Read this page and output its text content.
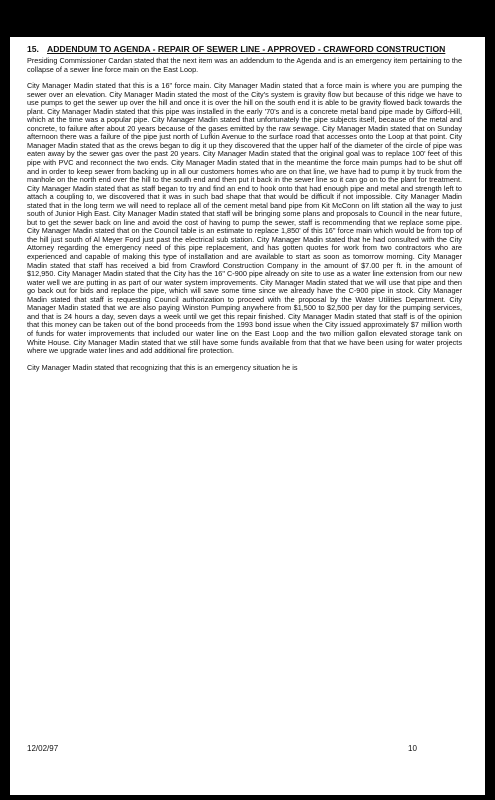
15. ADDENDUM TO AGENDA - REPAIR OF SEWER LINE - APPROVED - CRAWFORD CONSTRUCTION

Presiding Commissioner Cardan stated that the next item was an addendum to the Agenda and is an emergency item pertaining to the collapse of a sewer line force main on the East Loop.

City Manager Madin stated that this is a 16" force main. City Manager Madin stated that a force main is where you are pumping the sewer over an elevation. City Manager Madin stated the most of the City's system is gravity flow but because of this ridge we have to use pumps to get the sewer up over the hill and once it is over the hill on the south end it is able to be gravity flowed back towards the plant. City Manager Madin stated that this pipe was installed in the early '70's and is a concrete metal band pipe made by Gifford-Hill, which at the time was a popular pipe. City Manager Madin stated that unfortunately the pipe subjects itself, because of the metal and concrete, to failure after about 20 years because of the gases emitted by the raw sewage. City Manager Madin stated that on Sunday afternoon there was a failure of the pipe just north of Lufkin Avenue to the surface road that accesses onto the Loop at that point. City Manager Madin stated that as the crews began to dig it up they discovered that the upper half of the diameter of the circle of pipe was eaten away by the sewer gas over the past 20 years. City Manager Madin stated that the original goal was to replace 100' feet of this pipe with PVC and reconnect the two ends. City Manager Madin stated that in the meantime the force main pumps had to be shut off and in order to keep sewer from backing up in all our customers homes who are on that line, we have had to pump it by truck from the manhole on the north end over the hill to the south end and then put it back in the sewer line so it can go on to the plant for treatment. City Manager Madin stated that as staff began to try and find an end to hook onto that had enough pipe and metal and strength left to attach a coupling to, we discovered that it was in such bad shape that that would be difficult if not impossible. City Manager Madin stated that in the long term we will need to replace all of the cement metal band pipe from Kit McConn on lift station all the way to just south of Junior High East. City Manager Madin stated that staff will be bringing some plans and proposals to Council in the near future, but to get the sewer back on line and avoid the cost of having to pump the sewer, staff is recommending that we replace some pipe. City Manager Madin stated that on the Council table is an estimate to replace 1,850' of this 16" force main which would be from top of the hill just south of Al Meyer Ford just past the electrical sub station. City Manager Madin stated that he had consulted with the City Attorney regarding the emergency need of this pipe replacement, and has gotten quotes for work from two contractors who are experienced and capable of making this type of installation and are available to start as soon as tomorrow morning. City Manager Madin stated that staff has received a bid from Crawford Construction Company in the amount of $7.00 per ft. in the amount of $12,950. City Manager Madin stated that the City has the 16" C-900 pipe already on site to use as a water line extension from our new water well we are putting in as part of our water system improvements. City Manager Madin stated that we will use that pipe and then go back out for bids and replace the pipe, which will save some time since we already have the C-900 pipe in stock. City Manager Madin stated that staff is requesting Council authorization to proceed with the proposal by the Water Utilities Department. City Manager Madin stated that we are also paying Winston Pumping anywhere from $1,500 to $2,500 per day for the pumping services, and that is 24 hours a day, seven days a week until we get this repair finished. City Manager Madin stated that staff is of the opinion that this money can be taken out of the bond proceeds from the 1993 bond issue when the City issued approximately $7 million worth of funds for water improvements that included our water line on the East Loop and the two million gallon elevated storage tank on White House. City Manager Madin stated that we still have some funds available from that that we have been using for water projects where we upgrade water lines and add additional fire protection.

City Manager Madin stated that recognizing that this is an emergency situation he is

12/02/97	10
